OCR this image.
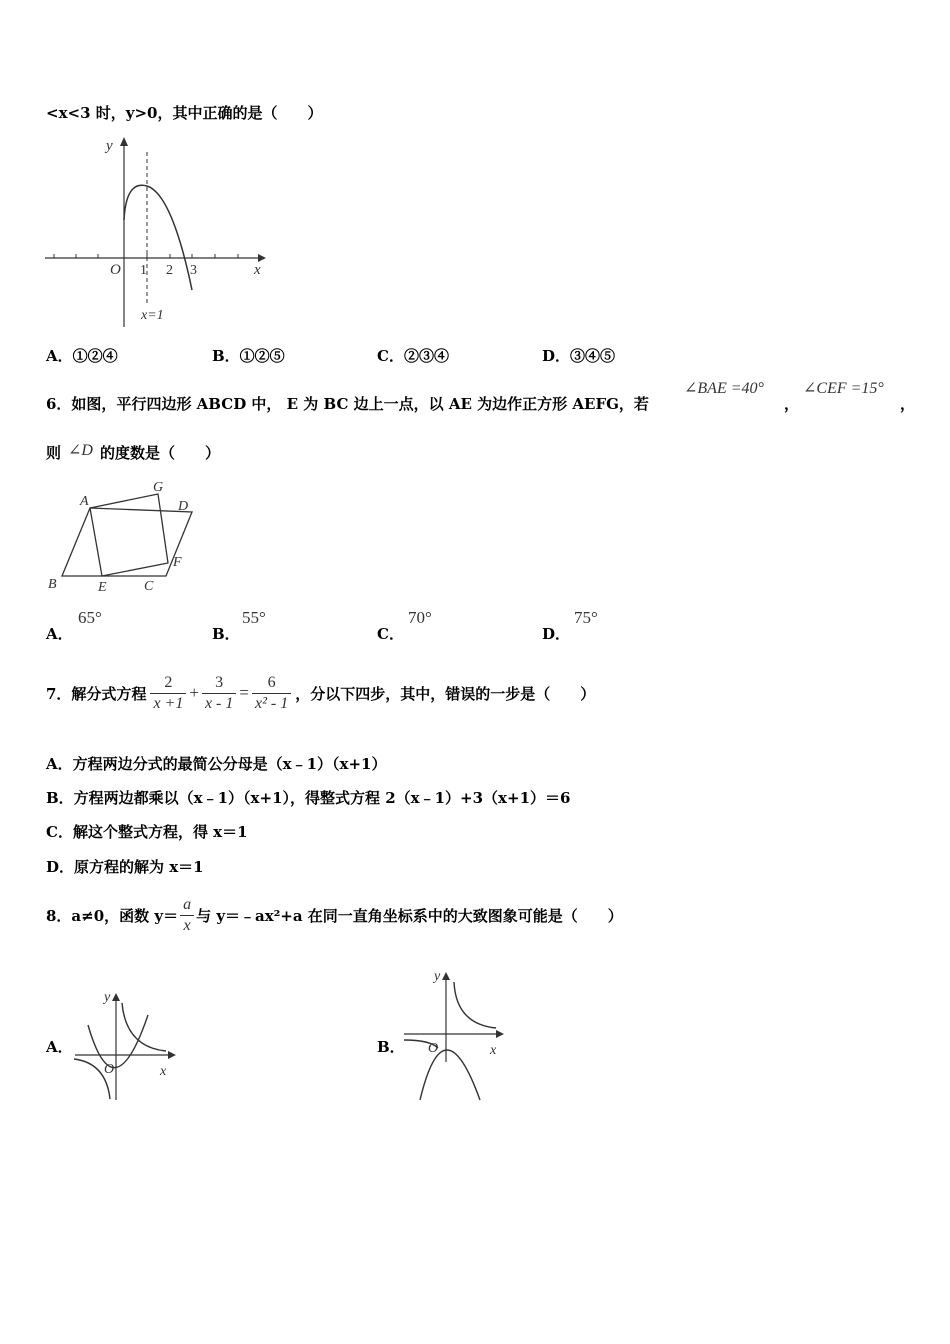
<x<3 时，y>0，其中正确的是（　　）
y
x
O 1 2 3
x=1
A．①②④	B．①②⑤	C．②③④	D．③④⑤
6．如图，平行四边形 ABCD 中， E 为 BC 边上一点，以 AE 为边作正方形 AEFG，若
∠BAE =40°
，
∠CEF =15°
，
则 ∠D 的度数是（　　）
A
B	C
D
E
F
G
A．
65°
B．
55°
C．
70°
D．
75°
7．解分式方程 $\frac{2}{x +1} + \frac{3}{x - 1} = \frac{6}{\text{x² - 1}}$ ，分以下四步，其中，错误的一步是（　　）
A．方程两边分式的最简公分母是（x﹣1）（x+1）
B．方程两边都乘以（x﹣1）（x+1），得整式方程 2（x﹣1）+3（x+1）＝6
C．解这个整式方程，得 x＝1
D．原方程的解为 x＝1
8．a≠0，函数 $y= \frac{a}{x}$ 与 y＝﹣ax²+a 在同一直角坐标系中的大致图象可能是（　　）
A．
y
x
O
B．
y
x
O
